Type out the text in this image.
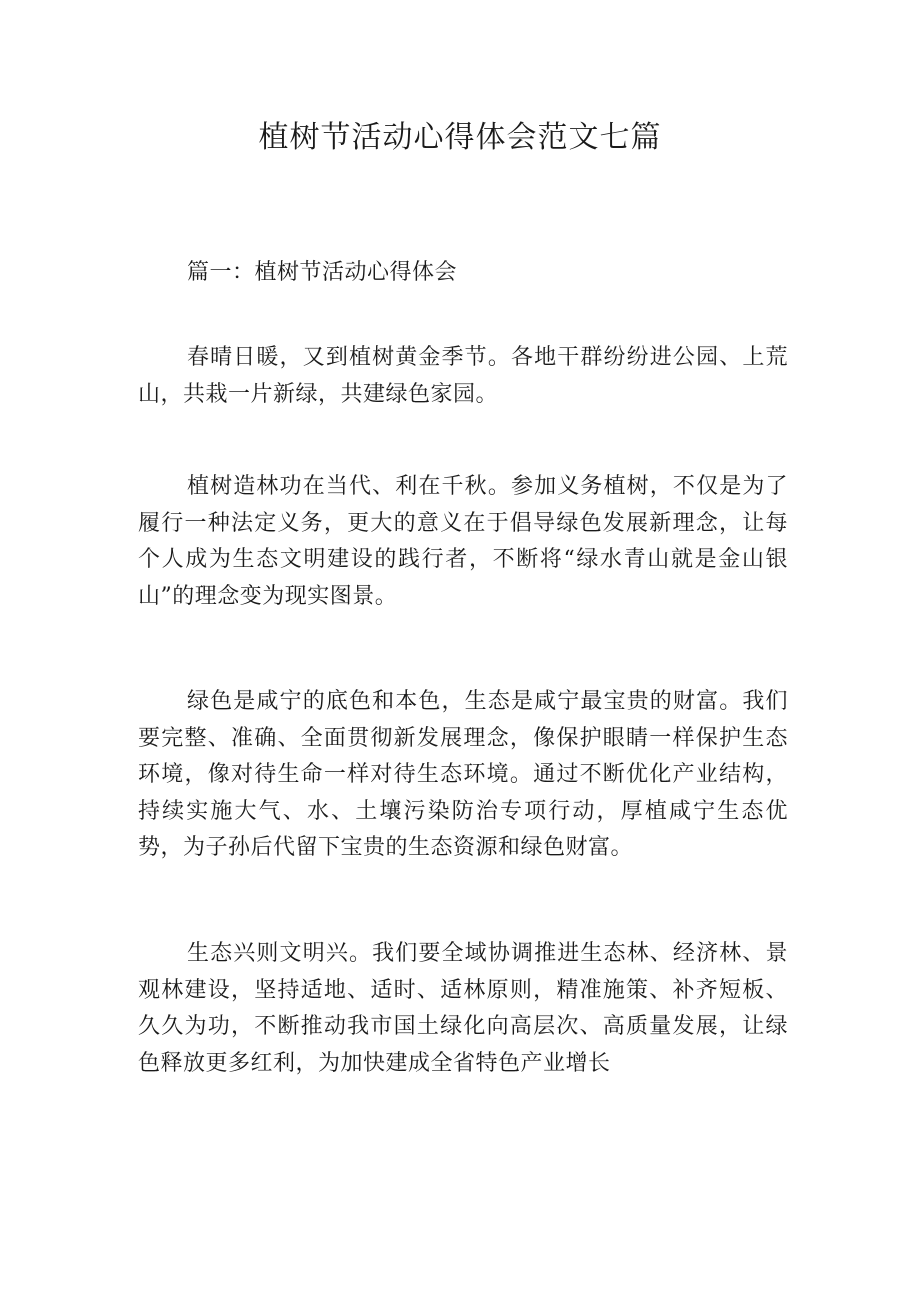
植树节活动心得体会范文七篇

篇一：植树节活动心得体会

春晴日暖，又到植树黄金季节。各地干群纷纷进公园、上荒山，共栽一片新绿，共建绿色家园。

植树造林功在当代、利在千秋。参加义务植树，不仅是为了履行一种法定义务，更大的意义在于倡导绿色发展新理念，让每个人成为生态文明建设的践行者，不断将“绿水青山就是金山银山”的理念变为现实图景。

绿色是咸宁的底色和本色，生态是咸宁最宝贵的财富。我们要完整、准确、全面贯彻新发展理念，像保护眼睛一样保护生态环境，像对待生命一样对待生态环境。通过不断优化产业结构，持续实施大气、水、土壤污染防治专项行动，厚植咸宁生态优势，为子孙后代留下宝贵的生态资源和绿色财富。

生态兴则文明兴。我们要全域协调推进生态林、经济林、景观林建设，坚持适地、适时、适林原则，精准施策、补齐短板、久久为功，不断推动我市国土绿化向高层次、高质量发展，让绿色释放更多红利，为加快建成全省特色产业增长
